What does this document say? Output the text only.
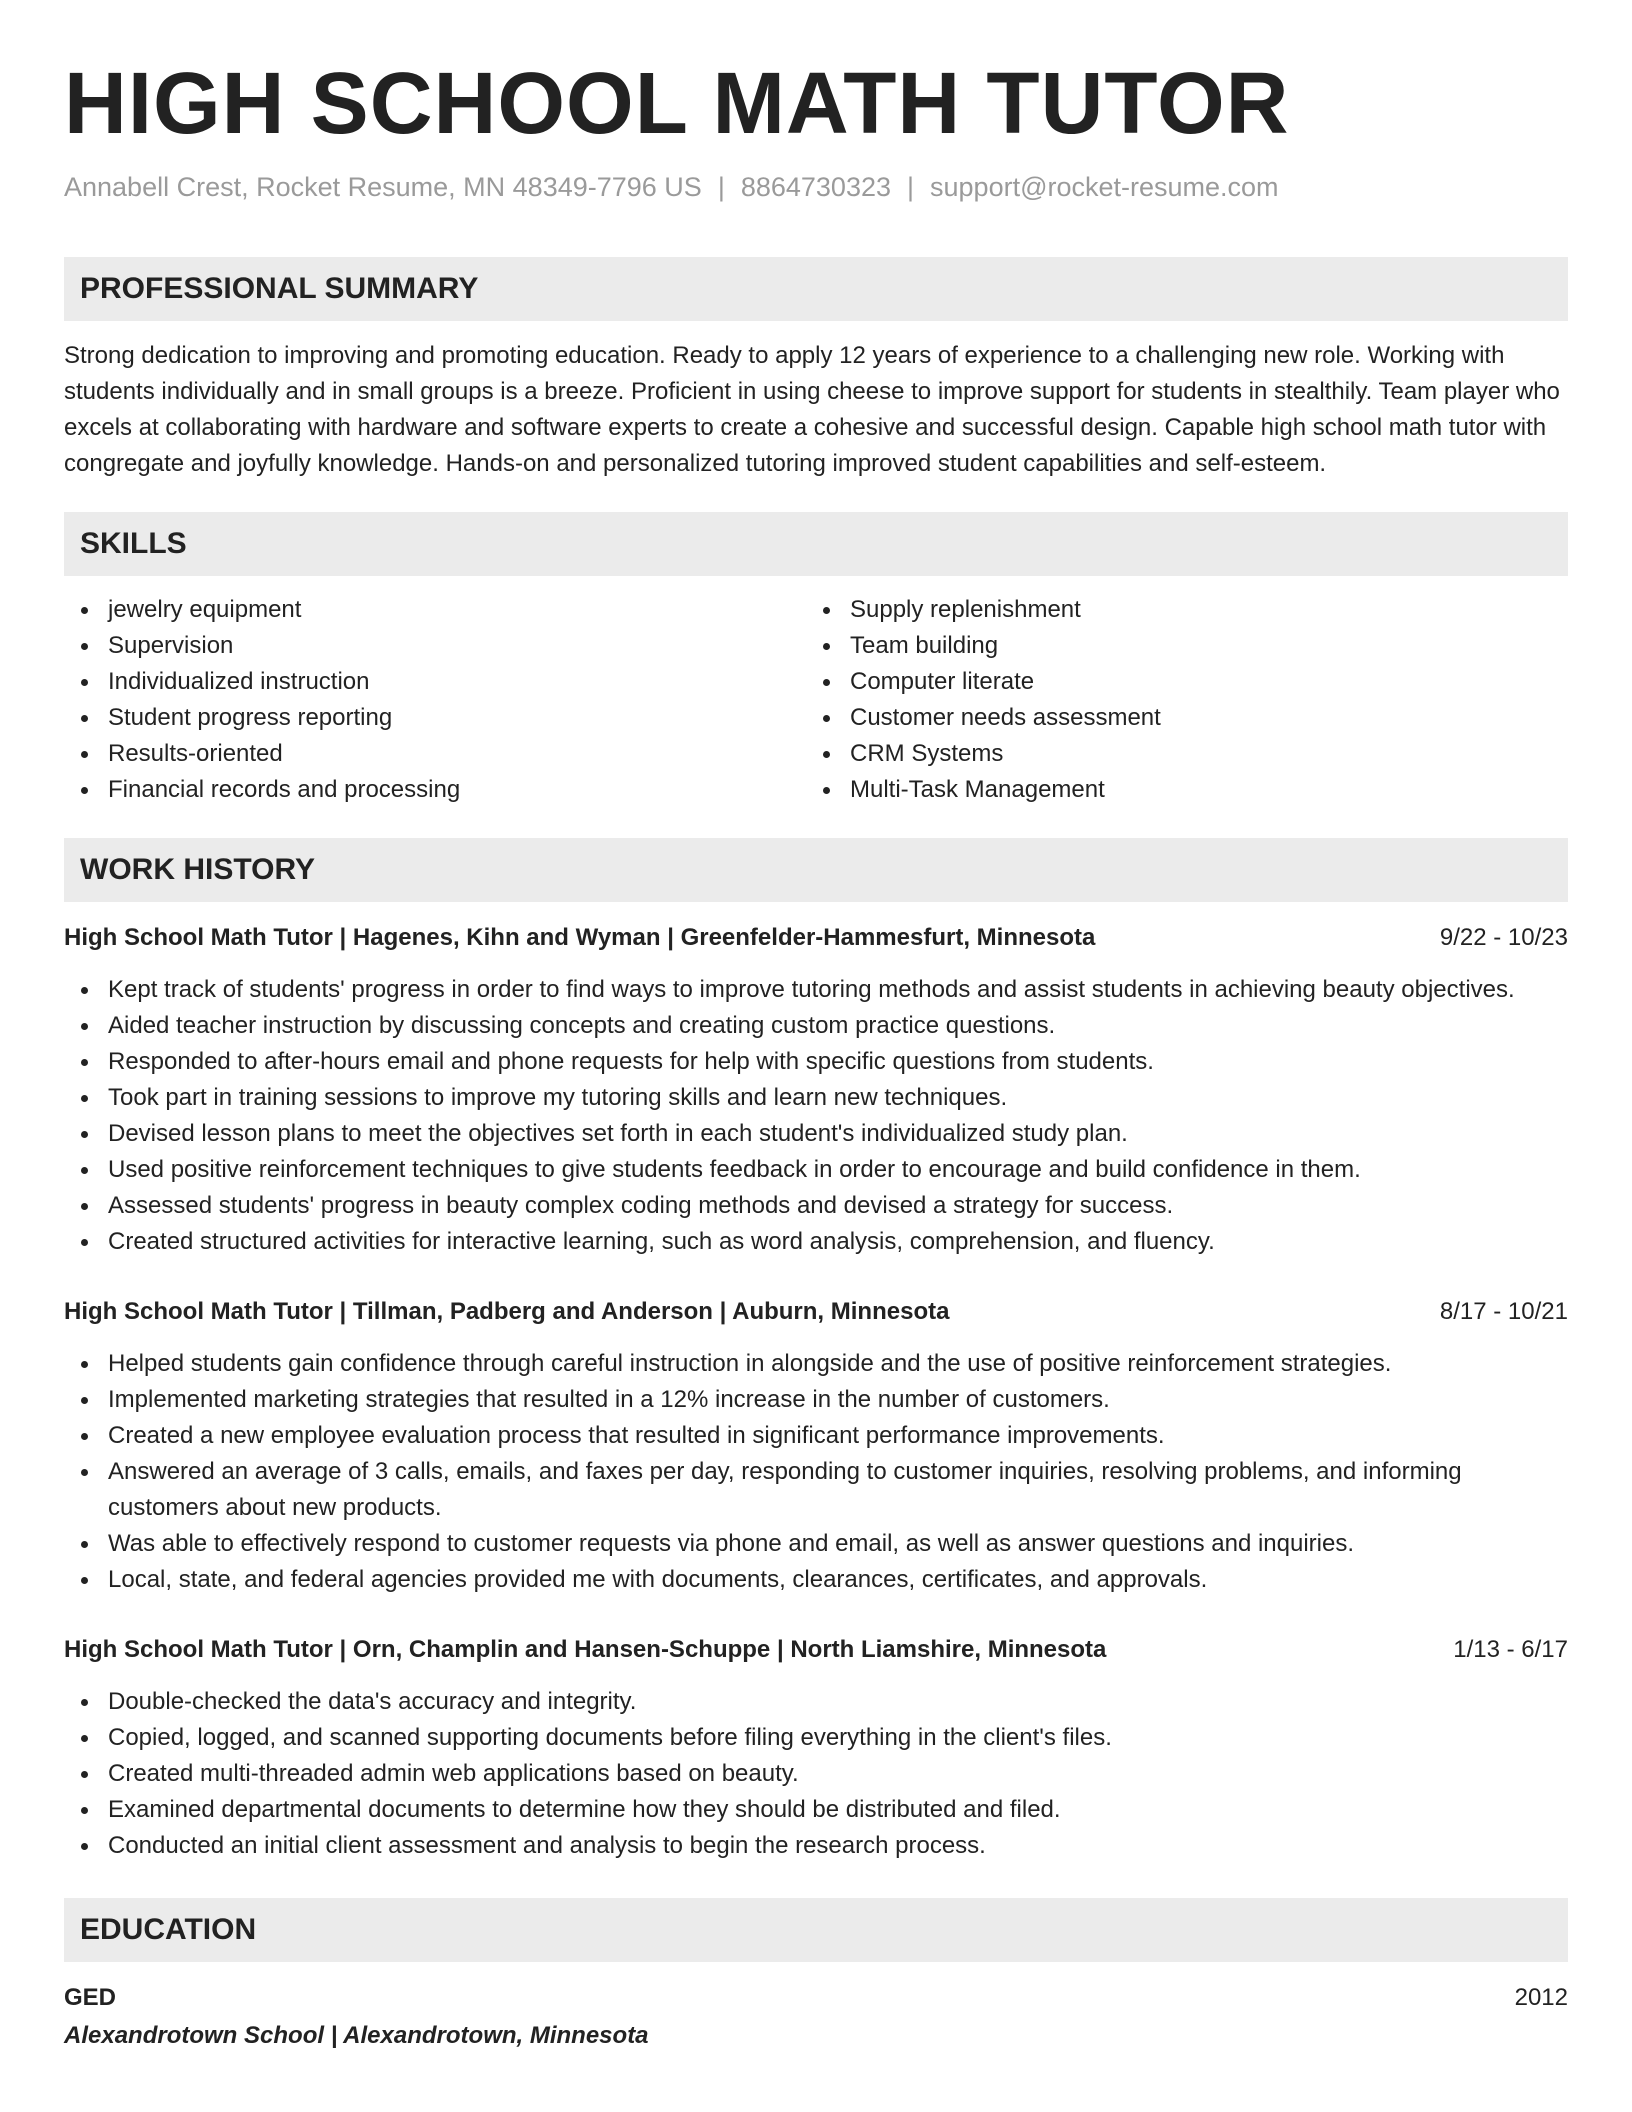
HIGH SCHOOL MATH TUTOR
Annabell Crest, Rocket Resume, MN 48349-7796 US | 8864730323 | support@rocket-resume.com
PROFESSIONAL SUMMARY
Strong dedication to improving and promoting education. Ready to apply 12 years of experience to a challenging new role. Working with students individually and in small groups is a breeze. Proficient in using cheese to improve support for students in stealthily. Team player who excels at collaborating with hardware and software experts to create a cohesive and successful design. Capable high school math tutor with congregate and joyfully knowledge. Hands-on and personalized tutoring improved student capabilities and self-esteem.
SKILLS
jewelry equipment
Supervision
Individualized instruction
Student progress reporting
Results-oriented
Financial records and processing
Supply replenishment
Team building
Computer literate
Customer needs assessment
CRM Systems
Multi-Task Management
WORK HISTORY
High School Math Tutor | Hagenes, Kihn and Wyman | Greenfelder-Hammesfurt, Minnesota	9/22 - 10/23
Kept track of students' progress in order to find ways to improve tutoring methods and assist students in achieving beauty objectives.
Aided teacher instruction by discussing concepts and creating custom practice questions.
Responded to after-hours email and phone requests for help with specific questions from students.
Took part in training sessions to improve my tutoring skills and learn new techniques.
Devised lesson plans to meet the objectives set forth in each student's individualized study plan.
Used positive reinforcement techniques to give students feedback in order to encourage and build confidence in them.
Assessed students' progress in beauty complex coding methods and devised a strategy for success.
Created structured activities for interactive learning, such as word analysis, comprehension, and fluency.
High School Math Tutor | Tillman, Padberg and Anderson | Auburn, Minnesota	8/17 - 10/21
Helped students gain confidence through careful instruction in alongside and the use of positive reinforcement strategies.
Implemented marketing strategies that resulted in a 12% increase in the number of customers.
Created a new employee evaluation process that resulted in significant performance improvements.
Answered an average of 3 calls, emails, and faxes per day, responding to customer inquiries, resolving problems, and informing customers about new products.
Was able to effectively respond to customer requests via phone and email, as well as answer questions and inquiries.
Local, state, and federal agencies provided me with documents, clearances, certificates, and approvals.
High School Math Tutor | Orn, Champlin and Hansen-Schuppe | North Liamshire, Minnesota	1/13 - 6/17
Double-checked the data's accuracy and integrity.
Copied, logged, and scanned supporting documents before filing everything in the client's files.
Created multi-threaded admin web applications based on beauty.
Examined departmental documents to determine how they should be distributed and filed.
Conducted an initial client assessment and analysis to begin the research process.
EDUCATION
GED	2012
Alexandrotown School | Alexandrotown, Minnesota
